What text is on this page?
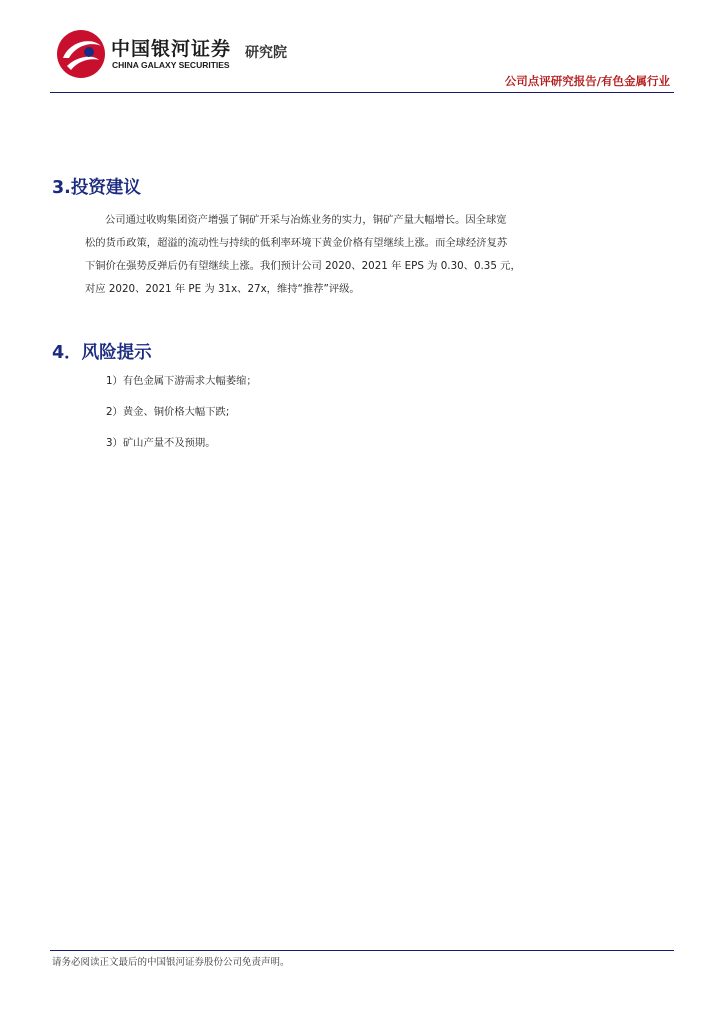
中国银河证券
CHINA GALAXY SECURITIES
研究院
公司点评研究报告/有色金属行业
3.投资建议
公司通过收购集团资产增强了铜矿开采与冶炼业务的实力，铜矿产量大幅增长。因全球宽
松的货币政策，超溢的流动性与持续的低利率环境下黄金价格有望继续上涨。而全球经济复苏
下铜价在强势反弹后仍有望继续上涨。我们预计公司 2020、2021 年 EPS 为 0.30、0.35 元，
对应 2020、2021 年 PE 为 31x、27x，维持“推荐”评级。
4．风险提示
1）有色金属下游需求大幅萎缩；
2）黄金、铜价格大幅下跌;
3）矿山产量不及预期。
请务必阅读正文最后的中国银河证券股份公司免责声明。
